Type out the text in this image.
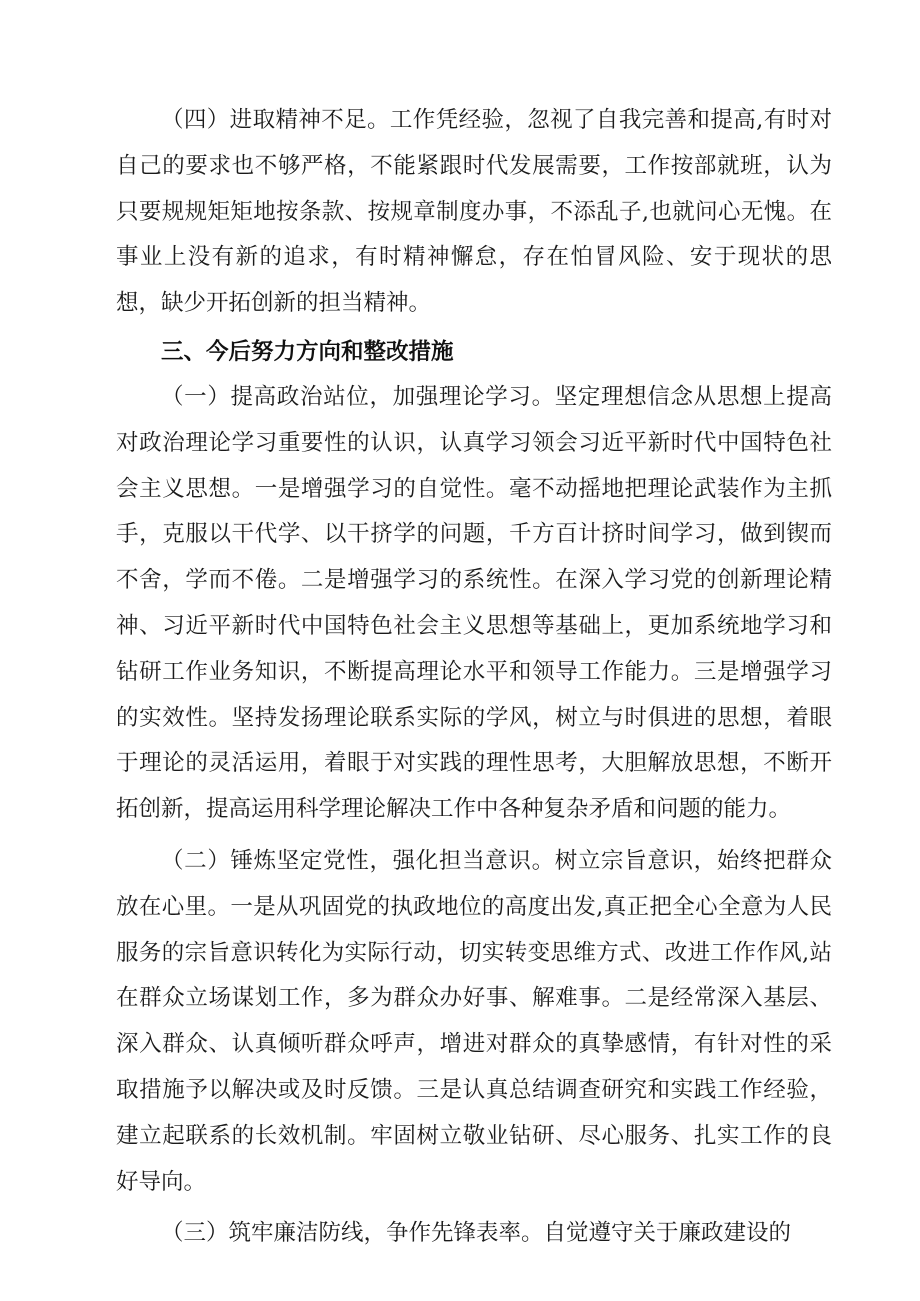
（四）进取精神不足。工作凭经验，忽视了自我完善和提高,有时对自己的要求也不够严格，不能紧跟时代发展需要，工作按部就班，认为只要规规矩矩地按条款、按规章制度办事，不添乱子,也就问心无愧。在事业上没有新的追求，有时精神懈怠，存在怕冒风险、安于现状的思想，缺少开拓创新的担当精神。

三、今后努力方向和整改措施

（一）提高政治站位，加强理论学习。坚定理想信念从思想上提高对政治理论学习重要性的认识，认真学习领会习近平新时代中国特色社会主义思想。一是增强学习的自觉性。毫不动摇地把理论武装作为主抓手，克服以干代学、以干挤学的问题，千方百计挤时间学习，做到锲而不舍，学而不倦。二是增强学习的系统性。在深入学习党的创新理论精神、习近平新时代中国特色社会主义思想等基础上，更加系统地学习和钻研工作业务知识，不断提高理论水平和领导工作能力。三是增强学习的实效性。坚持发扬理论联系实际的学风，树立与时俱进的思想，着眼于理论的灵活运用，着眼于对实践的理性思考，大胆解放思想，不断开拓创新，提高运用科学理论解决工作中各种复杂矛盾和问题的能力。

（二）锤炼坚定党性，强化担当意识。树立宗旨意识，始终把群众放在心里。一是从巩固党的执政地位的高度出发,真正把全心全意为人民服务的宗旨意识转化为实际行动，切实转变思维方式、改进工作作风,站在群众立场谋划工作，多为群众办好事、解难事。二是经常深入基层、深入群众、认真倾听群众呼声，增进对群众的真挚感情，有针对性的采取措施予以解决或及时反馈。三是认真总结调查研究和实践工作经验，建立起联系的长效机制。牢固树立敬业钻研、尽心服务、扎实工作的良好导向。

（三）筑牢廉洁防线，争作先锋表率。自觉遵守关于廉政建设的
